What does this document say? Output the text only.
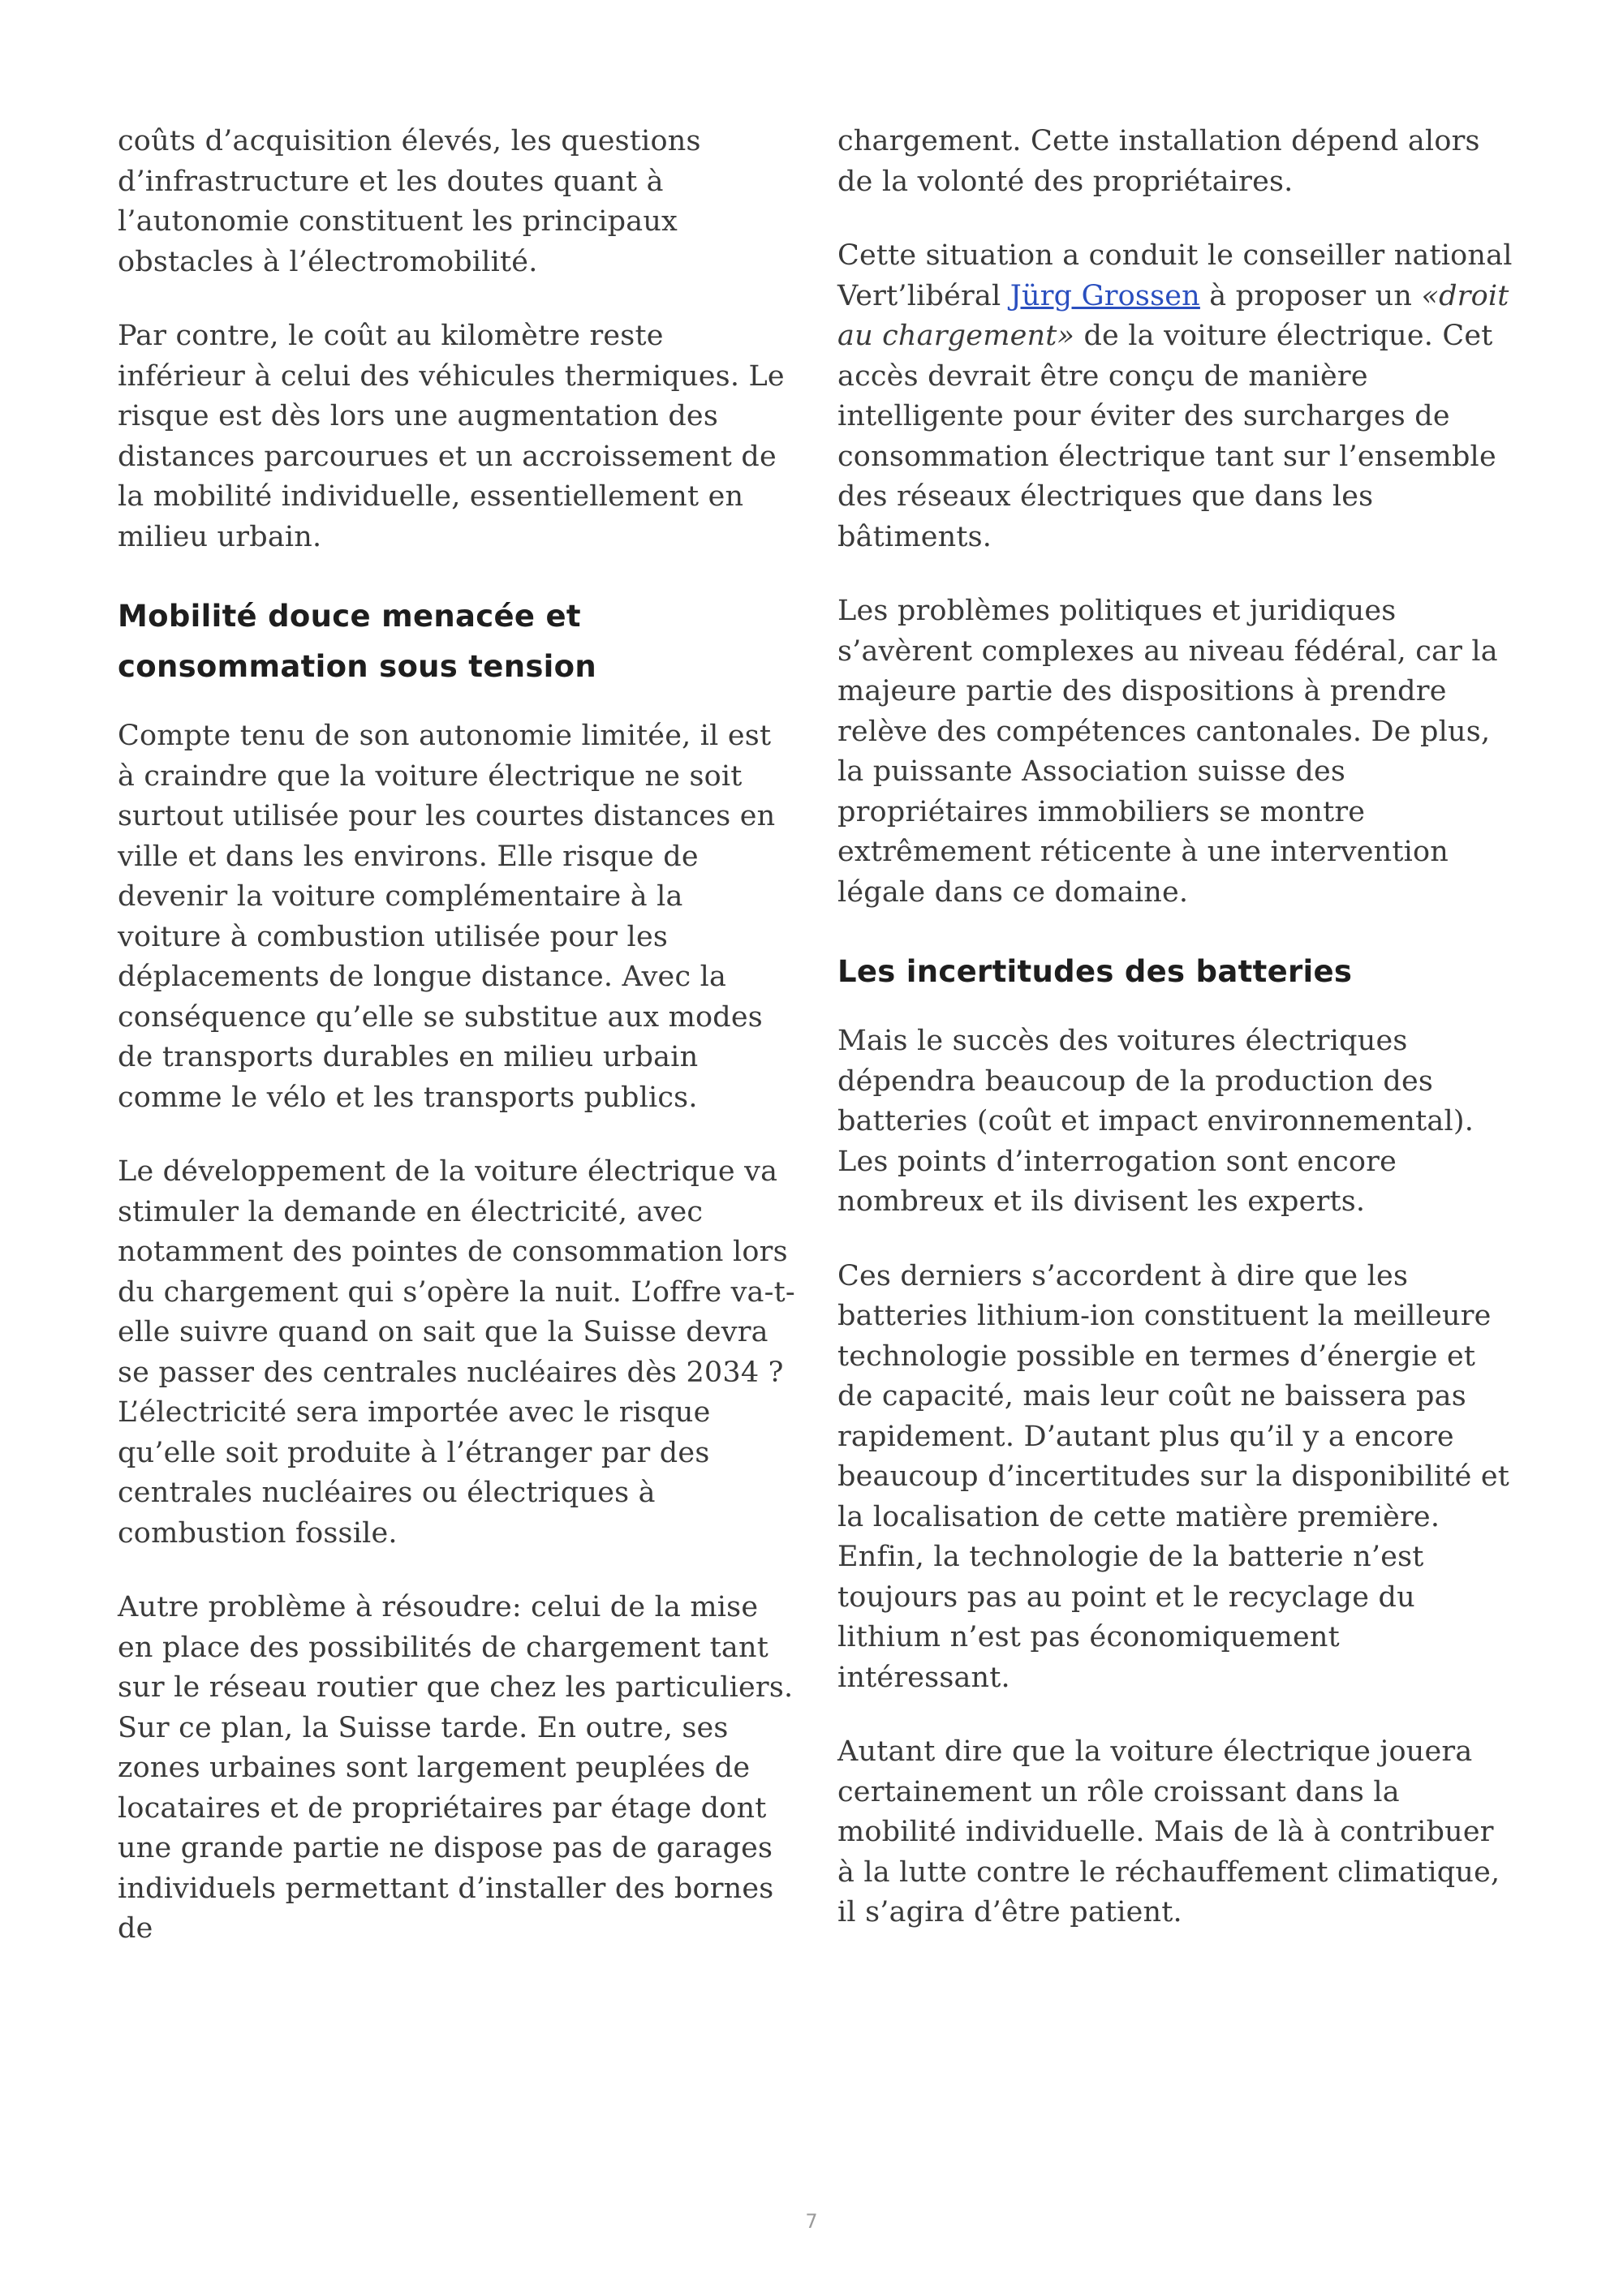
coûts d’acquisition élevés, les questions d’infrastructure et les doutes quant à l’autonomie constituent les principaux obstacles à l’électromobilité.

Par contre, le coût au kilomètre reste inférieur à celui des véhicules thermiques. Le risque est dès lors une augmentation des distances parcourues et un accroissement de la mobilité individuelle, essentiellement en milieu urbain.

Mobilité douce menacée et consommation sous tension

Compte tenu de son autonomie limitée, il est à craindre que la voiture électrique ne soit surtout utilisée pour les courtes distances en ville et dans les environs. Elle risque de devenir la voiture complémentaire à la voiture à combustion utilisée pour les déplacements de longue distance. Avec la conséquence qu’elle se substitue aux modes de transports durables en milieu urbain comme le vélo et les transports publics.

Le développement de la voiture électrique va stimuler la demande en électricité, avec notamment des pointes de consommation lors du chargement qui s’opère la nuit. L’offre va-t-elle suivre quand on sait que la Suisse devra se passer des centrales nucléaires dès 2034 ? L’électricité sera importée avec le risque qu’elle soit produite à l’étranger par des centrales nucléaires ou électriques à combustion fossile.

Autre problème à résoudre: celui de la mise en place des possibilités de chargement tant sur le réseau routier que chez les particuliers. Sur ce plan, la Suisse tarde. En outre, ses zones urbaines sont largement peuplées de locataires et de propriétaires par étage dont une grande partie ne dispose pas de garages individuels permettant d’installer des bornes de

chargement. Cette installation dépend alors de la volonté des propriétaires.

Cette situation a conduit le conseiller national Vert’libéral Jürg Grossen à proposer un «droit au chargement» de la voiture électrique. Cet accès devrait être conçu de manière intelligente pour éviter des surcharges de consommation électrique tant sur l’ensemble des réseaux électriques que dans les bâtiments.

Les problèmes politiques et juridiques s’avèrent complexes au niveau fédéral, car la majeure partie des dispositions à prendre relève des compétences cantonales. De plus, la puissante Association suisse des propriétaires immobiliers se montre extrêmement réticente à une intervention légale dans ce domaine.

Les incertitudes des batteries

Mais le succès des voitures électriques dépendra beaucoup de la production des batteries (coût et impact environnemental). Les points d’interrogation sont encore nombreux et ils divisent les experts.

Ces derniers s’accordent à dire que les batteries lithium-ion constituent la meilleure technologie possible en termes d’énergie et de capacité, mais leur coût ne baissera pas rapidement. D’autant plus qu’il y a encore beaucoup d’incertitudes sur la disponibilité et la localisation de cette matière première. Enfin, la technologie de la batterie n’est toujours pas au point et le recyclage du lithium n’est pas économiquement intéressant.

Autant dire que la voiture électrique jouera certainement un rôle croissant dans la mobilité individuelle. Mais de là à contribuer à la lutte contre le réchauffement climatique, il s’agira d’être patient.

7
